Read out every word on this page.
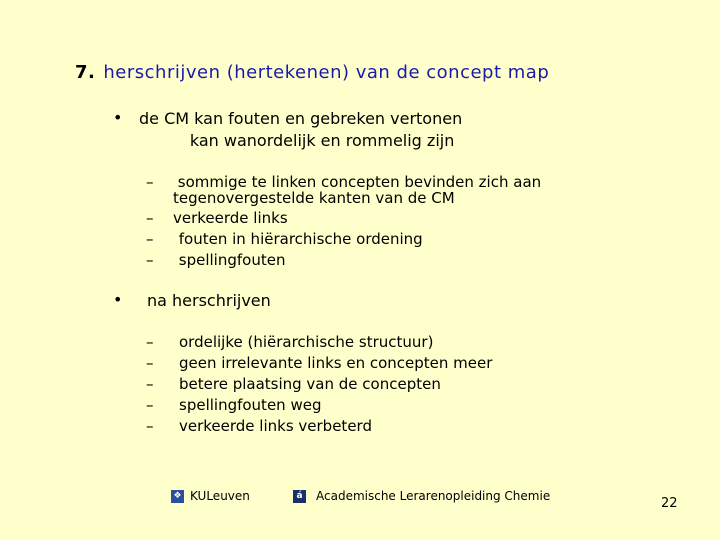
7. herschrijven (hertekenen) van de concept map
• de CM kan fouten en gebreken vertonen
kan wanordelijk en rommelig zijn
– sommige te linken concepten bevinden zich aan
tegenovergestelde kanten van de CM
– verkeerde links
– fouten in hiërarchische ordening
– spellingfouten
• na herschrijven
– ordelijke (hiërarchische structuur)
– geen irrelevante links en concepten meer
– betere plaatsing van de concepten
– spellingfouten weg
– verkeerde links verbeterd
❖ KULeuven	á Academische Lerarenopleiding Chemie	22
